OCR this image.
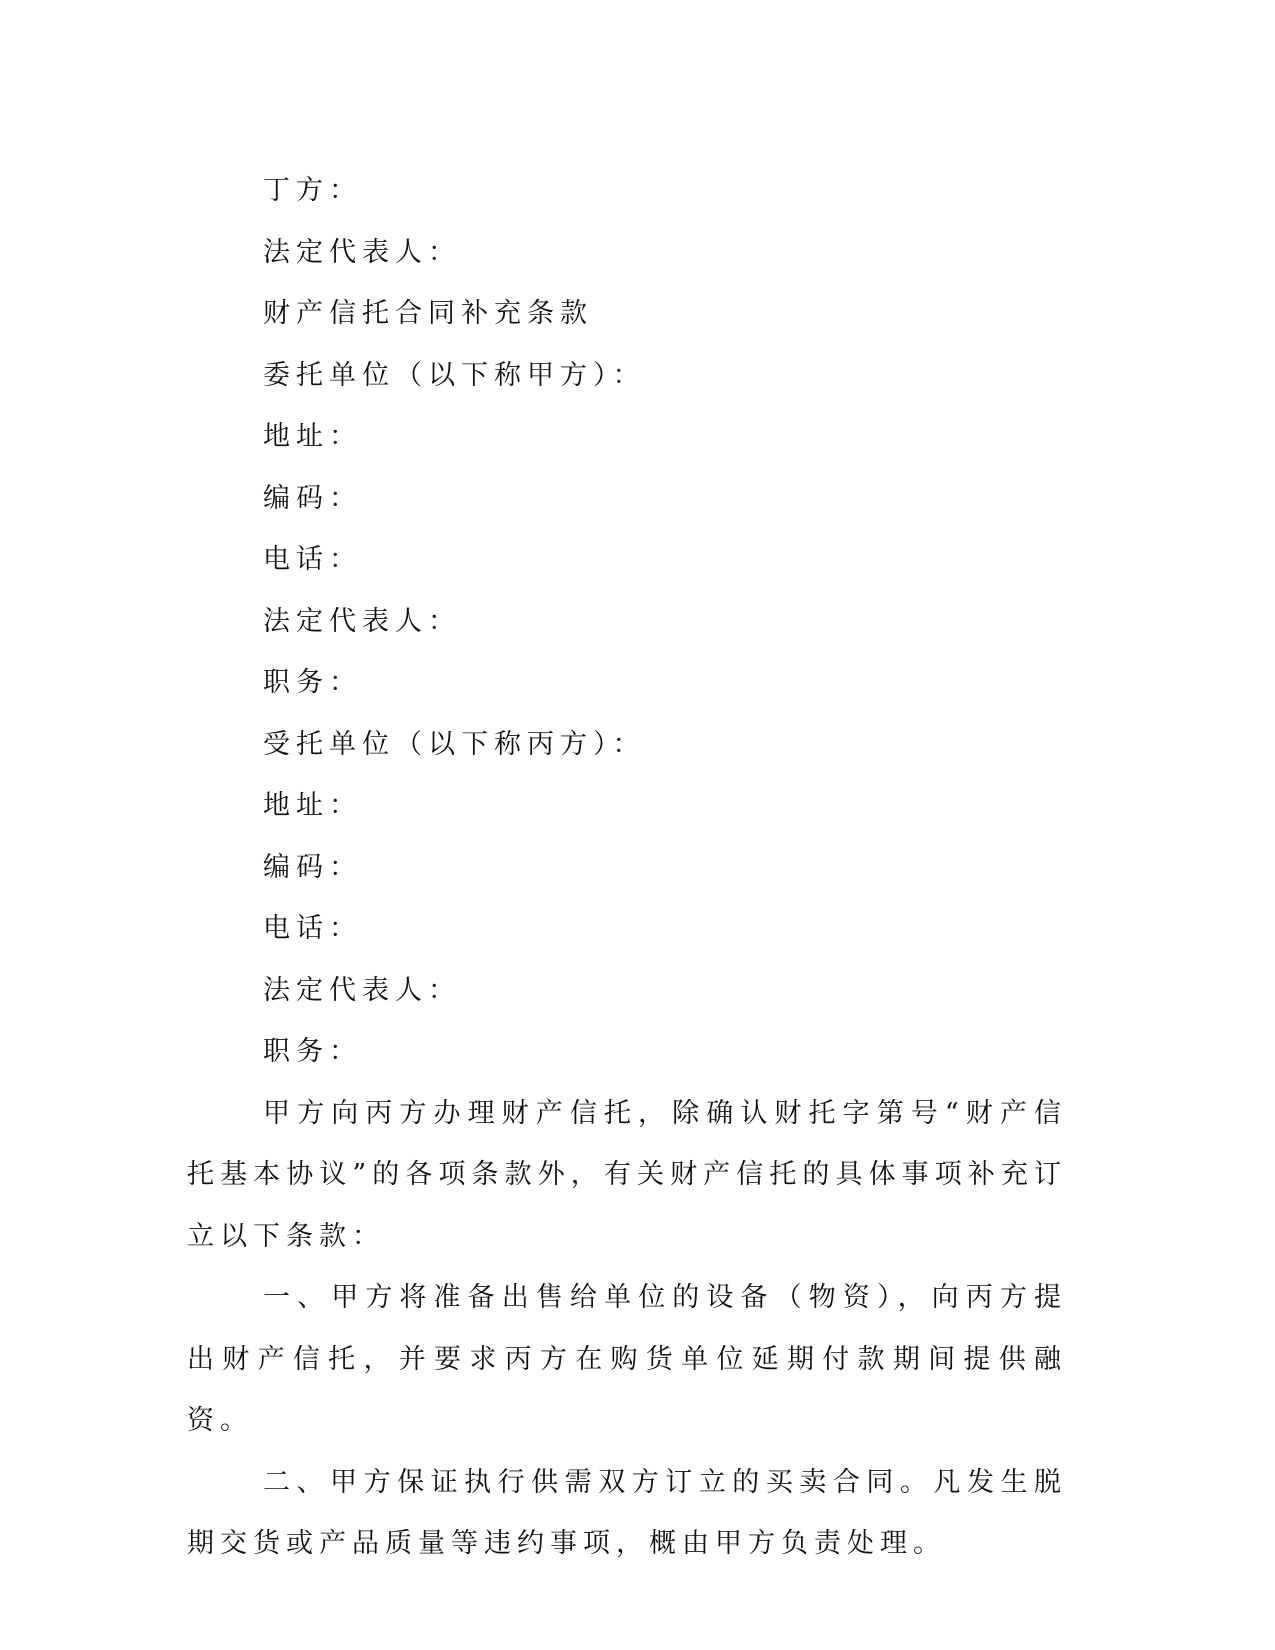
丁方：

法定代表人：

财产信托合同补充条款

委托单位（以下称甲方）：

地址：

编码：

电话：

法定代表人：

职务：

受托单位（以下称丙方）：

地址：

编码：

电话：

法定代表人：

职务：

甲方向丙方办理财产信托，除确认财托字第号“财产信托基本协议”的各项条款外，有关财产信托的具体事项补充订立以下条款：

一、甲方将准备出售给单位的设备（物资），向丙方提出财产信托，并要求丙方在购货单位延期付款期间提供融资。

二、甲方保证执行供需双方订立的买卖合同。凡发生脱期交货或产品质量等违约事项，概由甲方负责处理。
